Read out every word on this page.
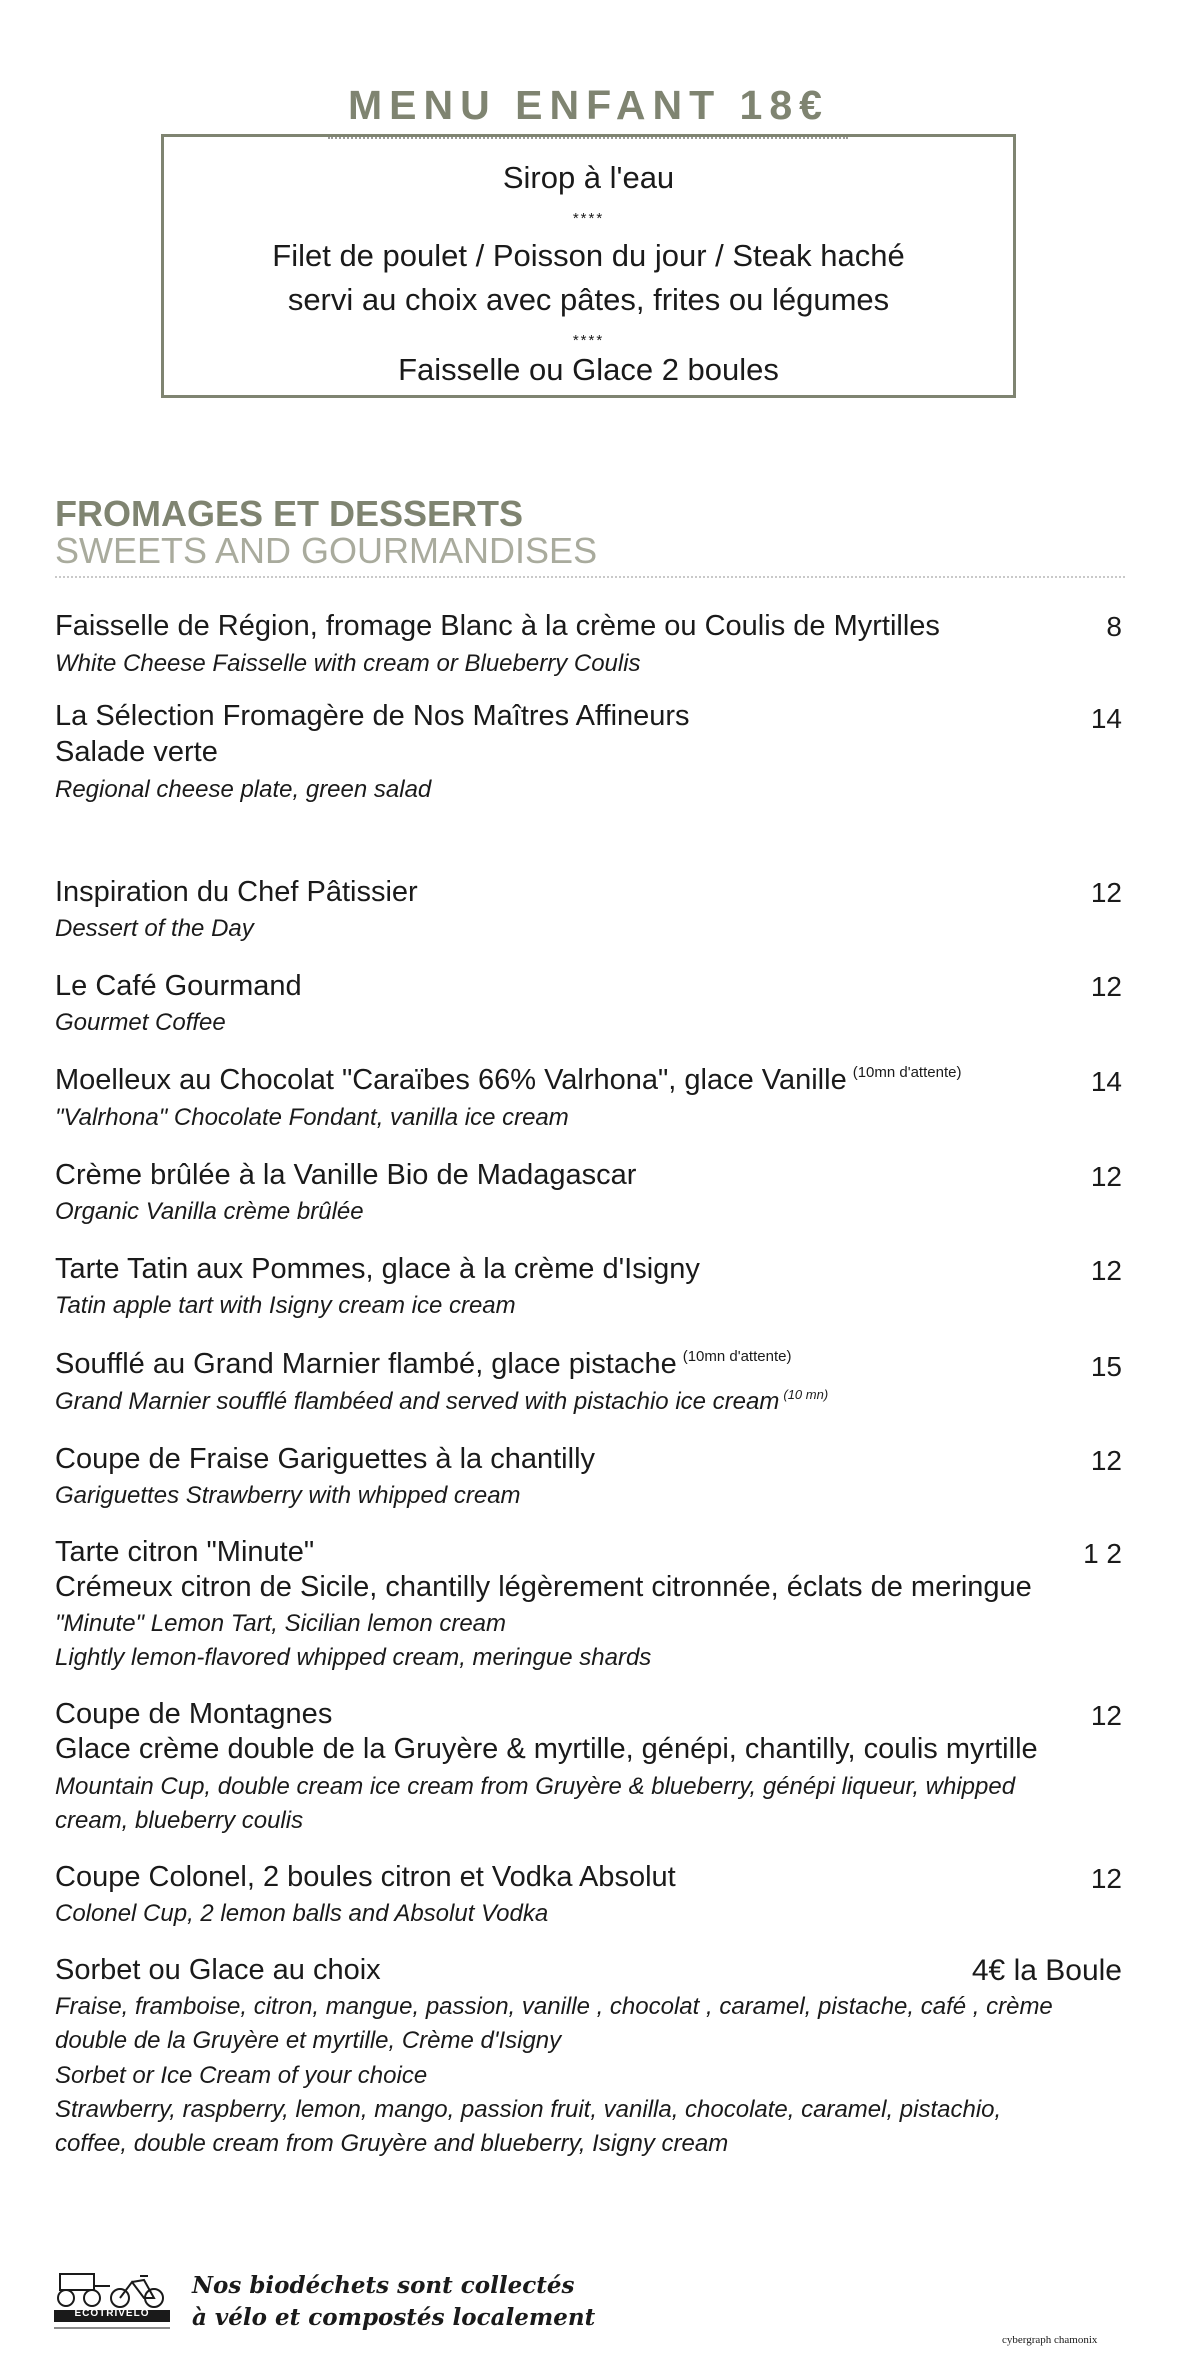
MENU ENFANT 18€
Sirop à l'eau
****
Filet de poulet / Poisson du jour / Steak haché
servi au choix avec pâtes, frites ou légumes
****
Faisselle ou Glace 2 boules
FROMAGES ET DESSERTS
SWEETS AND GOURMANDISES
Faisselle de Région, fromage Blanc à la crème ou Coulis de Myrtilles	8
White Cheese Faisselle with cream or Blueberry Coulis
La Sélection Fromagère de Nos Maîtres Affineurs	14
Salade verte
Regional cheese plate, green salad
Inspiration du Chef Pâtissier	12
Dessert of the Day
Le Café Gourmand	12
Gourmet Coffee
Moelleux au Chocolat "Caraïbes 66% Valrhona", glace Vanille $^{(10mn d'attente)}$	14
"Valrhona" Chocolate Fondant, vanilla ice cream
Crème brûlée à la Vanille Bio de Madagascar	12
Organic Vanilla crème brûlée
Tarte Tatin aux Pommes, glace à la crème d'Isigny	12
Tatin apple tart with Isigny cream ice cream
Soufflé au Grand Marnier flambé, glace pistache $^{(10mn d'attente)}$	15
Grand Marnier soufflé flambéed and served with pistachio ice cream $^{(10 mn)}$
Coupe de Fraise Gariguettes à la chantilly	12
Gariguettes Strawberry with whipped cream
Tarte citron "Minute"	1 2
Crémeux citron de Sicile, chantilly légèrement citronnée, éclats de meringue
"Minute" Lemon Tart, Sicilian lemon cream
Lightly lemon-flavored whipped cream, meringue shards
Coupe de Montagnes	12
Glace crème double de la Gruyère & myrtille, génépi, chantilly, coulis myrtille
Mountain Cup, double cream ice cream from Gruyère & blueberry, génépi liqueur, whipped
cream, blueberry coulis
Coupe Colonel, 2 boules citron et Vodka Absolut	12
Colonel Cup, 2 lemon balls and Absolut Vodka
Sorbet ou Glace au choix	4€ la Boule
Fraise, framboise, citron, mangue, passion, vanille , chocolat , caramel, pistache, café , crème
double de la Gruyère et myrtille, Crème d'Isigny
Sorbet or Ice Cream of your choice
Strawberry, raspberry, lemon, mango, passion fruit, vanilla, chocolate, caramel, pistachio,
coffee, double cream from Gruyère and blueberry, Isigny cream
ECOTRIVELO
Nos biodéchets sont collectés
à vélo et compostés localement
cybergraph chamonix
